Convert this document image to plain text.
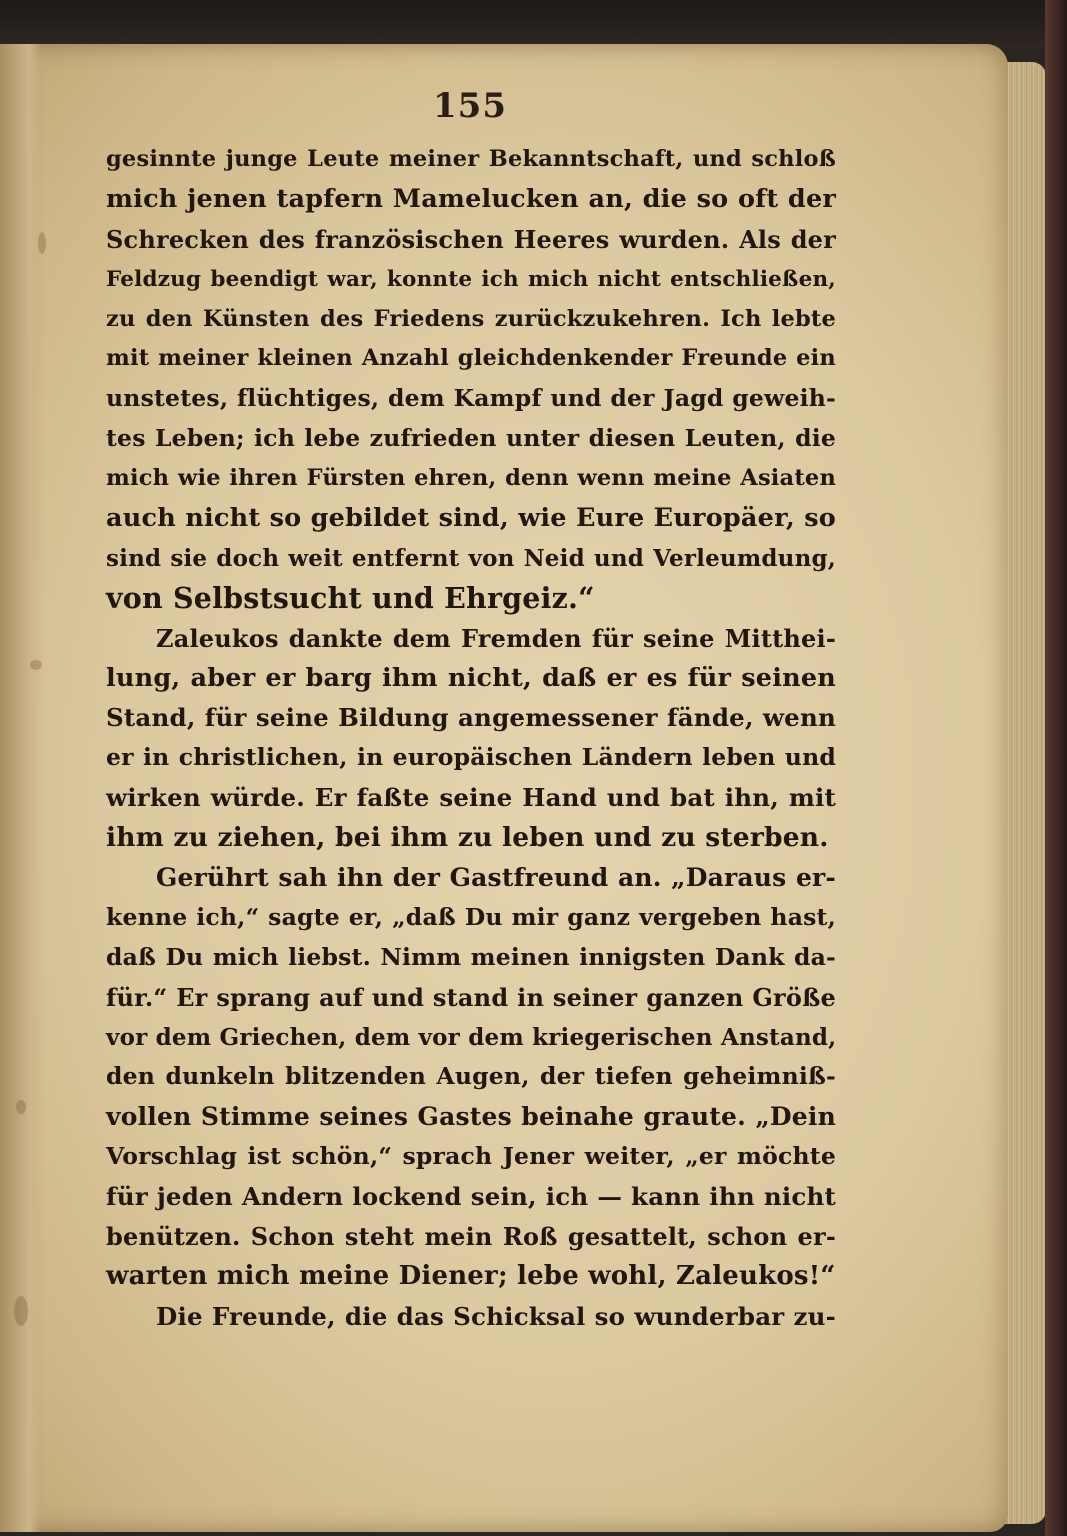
155
gesinnte junge Leute meiner Bekanntschaft, und schloß
mich jenen tapfern Mamelucken an, die so oft der
Schrecken des französischen Heeres wurden. Als der
Feldzug beendigt war, konnte ich mich nicht entschließen,
zu den Künsten des Friedens zurückzukehren. Ich lebte
mit meiner kleinen Anzahl gleichdenkender Freunde ein
unstetes, flüchtiges, dem Kampf und der Jagd geweih-
tes Leben; ich lebe zufrieden unter diesen Leuten, die
mich wie ihren Fürsten ehren, denn wenn meine Asiaten
auch nicht so gebildet sind, wie Eure Europäer, so
sind sie doch weit entfernt von Neid und Verleumdung,
von Selbstsucht und Ehrgeiz.“
Zaleukos dankte dem Fremden für seine Mitthei-
lung, aber er barg ihm nicht, daß er es für seinen
Stand, für seine Bildung angemessener fände, wenn
er in christlichen, in europäischen Ländern leben und
wirken würde. Er faßte seine Hand und bat ihn, mit
ihm zu ziehen, bei ihm zu leben und zu sterben.
Gerührt sah ihn der Gastfreund an. „Daraus er-
kenne ich,“ sagte er, „daß Du mir ganz vergeben hast,
daß Du mich liebst. Nimm meinen innigsten Dank da-
für.“ Er sprang auf und stand in seiner ganzen Größe
vor dem Griechen, dem vor dem kriegerischen Anstand,
den dunkeln blitzenden Augen, der tiefen geheimniß-
vollen Stimme seines Gastes beinahe graute. „Dein
Vorschlag ist schön,“ sprach Jener weiter, „er möchte
für jeden Andern lockend sein, ich — kann ihn nicht
benützen. Schon steht mein Roß gesattelt, schon er-
warten mich meine Diener; lebe wohl, Zaleukos!“
Die Freunde, die das Schicksal so wunderbar zu-
